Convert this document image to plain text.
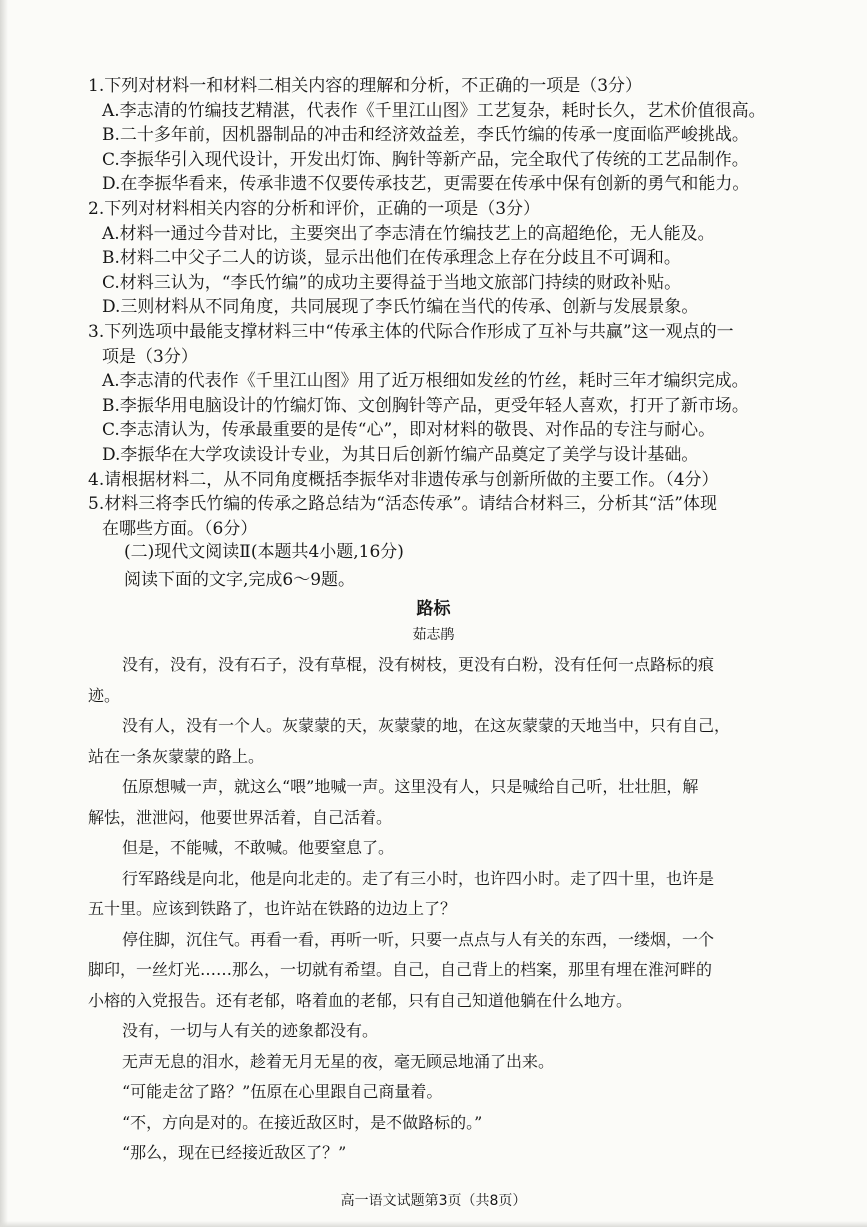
1.下列对材料一和材料二相关内容的理解和分析，不正确的一项是（3分）
A.李志清的竹编技艺精湛，代表作《千里江山图》工艺复杂，耗时长久，艺术价值很高。
B.二十多年前，因机器制品的冲击和经济效益差，李氏竹编的传承一度面临严峻挑战。
C.李振华引入现代设计，开发出灯饰、胸针等新产品，完全取代了传统的工艺品制作。
D.在李振华看来，传承非遗不仅要传承技艺，更需要在传承中保有创新的勇气和能力。
2.下列对材料相关内容的分析和评价，正确的一项是（3分）
A.材料一通过今昔对比，主要突出了李志清在竹编技艺上的高超绝伦，无人能及。
B.材料二中父子二人的访谈，显示出他们在传承理念上存在分歧且不可调和。
C.材料三认为，“李氏竹编”的成功主要得益于当地文旅部门持续的财政补贴。
D.三则材料从不同角度，共同展现了李氏竹编在当代的传承、创新与发展景象。
3.下列选项中最能支撑材料三中“传承主体的代际合作形成了互补与共赢”这一观点的一
项是（3分）
A.李志清的代表作《千里江山图》用了近万根细如发丝的竹丝，耗时三年才编织完成。
B.李振华用电脑设计的竹编灯饰、文创胸针等产品，更受年轻人喜欢，打开了新市场。
C.李志清认为，传承最重要的是传“心”，即对材料的敬畏、对作品的专注与耐心。
D.李振华在大学攻读设计专业，为其日后创新竹编产品奠定了美学与设计基础。
4.请根据材料二，从不同角度概括李振华对非遗传承与创新所做的主要工作。（4分）
5.材料三将李氏竹编的传承之路总结为“活态传承”。请结合材料三，分析其“活”体现
在哪些方面。（6分）
(二)现代文阅读Ⅱ(本题共4小题,16分)
阅读下面的文字,完成6～9题。
路标
茹志鹃
没有，没有，没有石子，没有草棍，没有树枝，更没有白粉，没有任何一点路标的痕
迹。
没有人，没有一个人。灰蒙蒙的天，灰蒙蒙的地，在这灰蒙蒙的天地当中，只有自己，
站在一条灰蒙蒙的路上。
伍原想喊一声，就这么“喂”地喊一声。这里没有人，只是喊给自己听，壮壮胆，解
解怯，泄泄闷，他要世界活着，自己活着。
但是，不能喊，不敢喊。他要窒息了。
行军路线是向北，他是向北走的。走了有三小时，也许四小时。走了四十里，也许是
五十里。应该到铁路了，也许站在铁路的边边上了？
停住脚，沉住气。再看一看，再听一听，只要一点点与人有关的东西，一缕烟，一个
脚印，一丝灯光……那么，一切就有希望。自己，自己背上的档案，那里有埋在淮河畔的
小榕的入党报告。还有老郁，咯着血的老郁，只有自己知道他躺在什么地方。
没有，一切与人有关的迹象都没有。
无声无息的泪水，趁着无月无星的夜，毫无顾忌地涌了出来。
“可能走岔了路？”伍原在心里跟自己商量着。
“不，方向是对的。在接近敌区时，是不做路标的。”
“那么，现在已经接近敌区了？”
高一语文试题第3页（共8页）
